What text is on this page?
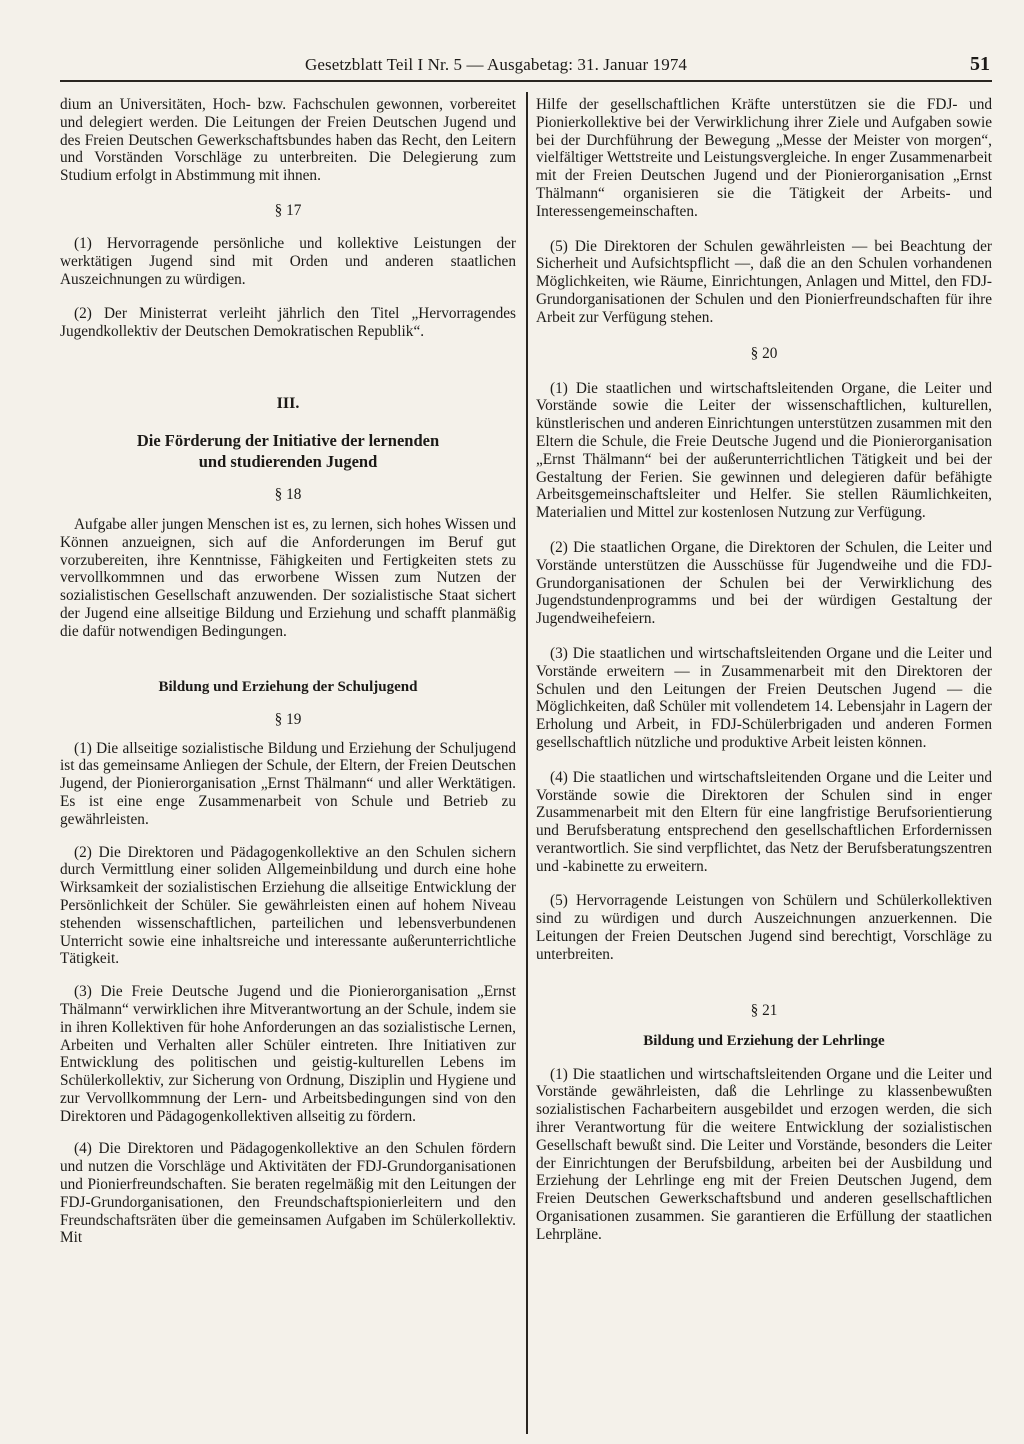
Gesetzblatt Teil I Nr. 5 — Ausgabetag: 31. Januar 1974	51

dium an Universitäten, Hoch- bzw. Fachschulen gewonnen, vorbereitet und delegiert werden. Die Leitungen der Freien Deutschen Jugend und des Freien Deutschen Gewerkschaftsbundes haben das Recht, den Leitern und Vorständen Vorschläge zu unterbreiten. Die Delegierung zum Studium erfolgt in Abstimmung mit ihnen.

§ 17

(1) Hervorragende persönliche und kollektive Leistungen der werktätigen Jugend sind mit Orden und anderen staatlichen Auszeichnungen zu würdigen.

(2) Der Ministerrat verleiht jährlich den Titel „Hervorragendes Jugendkollektiv der Deutschen Demokratischen Republik“.

III.
Die Förderung der Initiative der lernenden
und studierenden Jugend
§ 18

Aufgabe aller jungen Menschen ist es, zu lernen, sich hohes Wissen und Können anzueignen, sich auf die Anforderungen im Beruf gut vorzubereiten, ihre Kenntnisse, Fähigkeiten und Fertigkeiten stets zu vervollkommnen und das erworbene Wissen zum Nutzen der sozialistischen Gesellschaft anzuwenden. Der sozialistische Staat sichert der Jugend eine allseitige Bildung und Erziehung und schafft planmäßig die dafür notwendigen Bedingungen.

Bildung und Erziehung der Schuljugend
§ 19

(1) Die allseitige sozialistische Bildung und Erziehung der Schuljugend ist das gemeinsame Anliegen der Schule, der Eltern, der Freien Deutschen Jugend, der Pionierorganisation „Ernst Thälmann“ und aller Werktätigen. Es ist eine enge Zusammenarbeit von Schule und Betrieb zu gewährleisten.

(2) Die Direktoren und Pädagogenkollektive an den Schulen sichern durch Vermittlung einer soliden Allgemeinbildung und durch eine hohe Wirksamkeit der sozialistischen Erziehung die allseitige Entwicklung der Persönlichkeit der Schüler. Sie gewährleisten einen auf hohem Niveau stehenden wissenschaftlichen, parteilichen und lebensverbundenen Unterricht sowie eine inhaltsreiche und interessante außerunterrichtliche Tätigkeit.

(3) Die Freie Deutsche Jugend und die Pionierorganisation „Ernst Thälmann“ verwirklichen ihre Mitverantwortung an der Schule, indem sie in ihren Kollektiven für hohe Anforderungen an das sozialistische Lernen, Arbeiten und Verhalten aller Schüler eintreten. Ihre Initiativen zur Entwicklung des politischen und geistig-kulturellen Lebens im Schülerkollektiv, zur Sicherung von Ordnung, Disziplin und Hygiene und zur Vervollkommnung der Lern- und Arbeitsbedingungen sind von den Direktoren und Pädagogenkollektiven allseitig zu fördern.

(4) Die Direktoren und Pädagogenkollektive an den Schulen fördern und nutzen die Vorschläge und Aktivitäten der FDJ-Grundorganisationen und Pionierfreundschaften. Sie beraten regelmäßig mit den Leitungen der FDJ-Grundorganisationen, den Freundschaftspionierleitern und den Freundschaftsräten über die gemeinsamen Aufgaben im Schülerkollektiv. Mit

Hilfe der gesellschaftlichen Kräfte unterstützen sie die FDJ- und Pionierkollektive bei der Verwirklichung ihrer Ziele und Aufgaben sowie bei der Durchführung der Bewegung „Messe der Meister von morgen“, vielfältiger Wettstreite und Leistungsvergleiche. In enger Zusammenarbeit mit der Freien Deutschen Jugend und der Pionierorganisation „Ernst Thälmann“ organisieren sie die Tätigkeit der Arbeits- und Interessengemeinschaften.

(5) Die Direktoren der Schulen gewährleisten — bei Beachtung der Sicherheit und Aufsichtspflicht —, daß die an den Schulen vorhandenen Möglichkeiten, wie Räume, Einrichtungen, Anlagen und Mittel, den FDJ-Grundorganisationen der Schulen und den Pionierfreundschaften für ihre Arbeit zur Verfügung stehen.

§ 20

(1) Die staatlichen und wirtschaftsleitenden Organe, die Leiter und Vorstände sowie die Leiter der wissenschaftlichen, kulturellen, künstlerischen und anderen Einrichtungen unterstützen zusammen mit den Eltern die Schule, die Freie Deutsche Jugend und die Pionierorganisation „Ernst Thälmann“ bei der außerunterrichtlichen Tätigkeit und bei der Gestaltung der Ferien. Sie gewinnen und delegieren dafür befähigte Arbeitsgemeinschaftsleiter und Helfer. Sie stellen Räumlichkeiten, Materialien und Mittel zur kostenlosen Nutzung zur Verfügung.

(2) Die staatlichen Organe, die Direktoren der Schulen, die Leiter und Vorstände unterstützen die Ausschüsse für Jugendweihe und die FDJ-Grundorganisationen der Schulen bei der Verwirklichung des Jugendstundenprogramms und bei der würdigen Gestaltung der Jugendweihefeiern.

(3) Die staatlichen und wirtschaftsleitenden Organe und die Leiter und Vorstände erweitern — in Zusammenarbeit mit den Direktoren der Schulen und den Leitungen der Freien Deutschen Jugend — die Möglichkeiten, daß Schüler mit vollendetem 14. Lebensjahr in Lagern der Erholung und Arbeit, in FDJ-Schülerbrigaden und anderen Formen gesellschaftlich nützliche und produktive Arbeit leisten können.

(4) Die staatlichen und wirtschaftsleitenden Organe und die Leiter und Vorstände sowie die Direktoren der Schulen sind in enger Zusammenarbeit mit den Eltern für eine langfristige Berufsorientierung und Berufsberatung entsprechend den gesellschaftlichen Erfordernissen verantwortlich. Sie sind verpflichtet, das Netz der Berufsberatungszentren und -kabinette zu erweitern.

(5) Hervorragende Leistungen von Schülern und Schülerkollektiven sind zu würdigen und durch Auszeichnungen anzuerkennen. Die Leitungen der Freien Deutschen Jugend sind berechtigt, Vorschläge zu unterbreiten.

§ 21
Bildung und Erziehung der Lehrlinge

(1) Die staatlichen und wirtschaftsleitenden Organe und die Leiter und Vorstände gewährleisten, daß die Lehrlinge zu klassenbewußten sozialistischen Facharbeitern ausgebildet und erzogen werden, die sich ihrer Verantwortung für die weitere Entwicklung der sozialistischen Gesellschaft bewußt sind. Die Leiter und Vorstände, besonders die Leiter der Einrichtungen der Berufsbildung, arbeiten bei der Ausbildung und Erziehung der Lehrlinge eng mit der Freien Deutschen Jugend, dem Freien Deutschen Gewerkschaftsbund und anderen gesellschaftlichen Organisationen zusammen. Sie garantieren die Erfüllung der staatlichen Lehrpläne.
